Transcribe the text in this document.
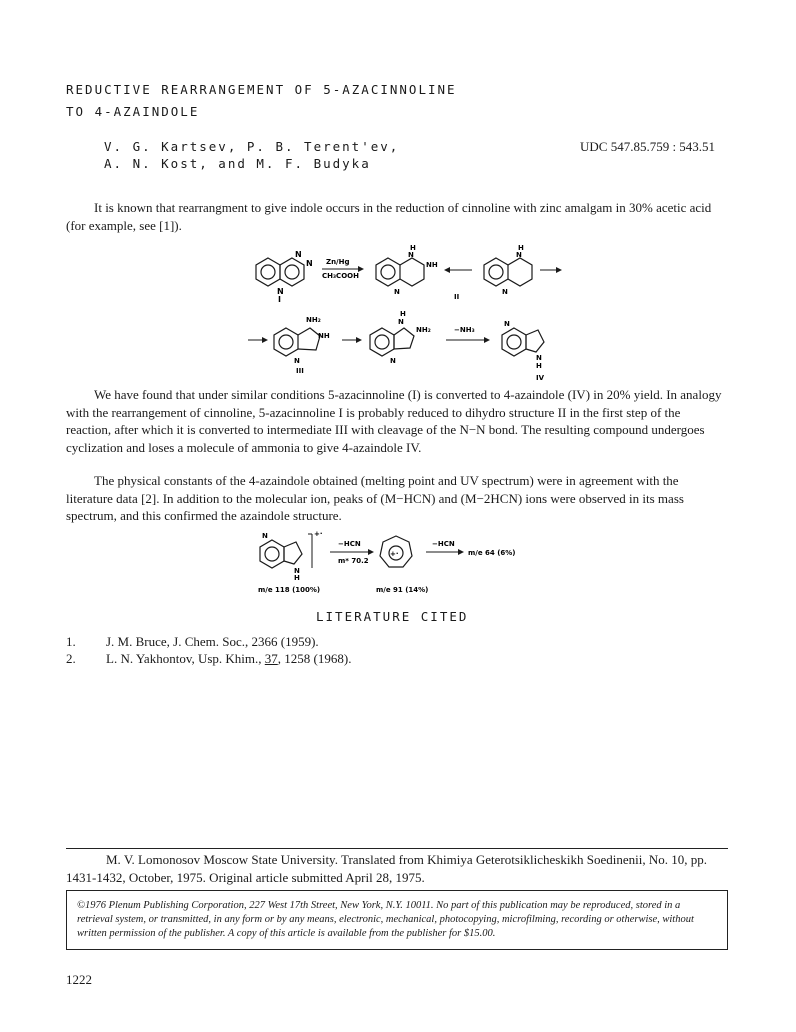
REDUCTIVE REARRANGEMENT OF 5-AZACINNOLINE
TO 4-AZAINDOLE
V. G. Kartsev, P. B. Terent'ev,
A. N. Kost, and M. F. Budyka
UDC 547.85.759 : 543.51

It is known that rearrangment to give indole occurs in the reduction of cinnoline with zinc amalgam in 30% acetic acid (for example, see [1]).

N
N
N
I
Zn/Hg
CH₃COOH
H
N
NH
N
II
H
N
N
NH₂
NH
N
III
H
N
NH₂
N
−NH₃
N
N
H
IV

We have found that under similar conditions 5-azacinnoline (I) is converted to 4-azaindole (IV) in 20% yield. In analogy with the rearrangement of cinnoline, 5-azacinnoline I is probably reduced to dihydro structure II in the first step of the reaction, after which it is converted to intermediate III with cleavage of the N−N bond. The resulting compound undergoes cyclization and loses a molecule of ammonia to give 4-azaindole IV.

The physical constants of the 4-azaindole obtained (melting point and UV spectrum) were in agreement with the literature data [2]. In addition to the molecular ion, peaks of (M−HCN) and (M−2HCN) ions were observed in its mass spectrum, and this confirmed the azaindole structure.

N
N
H
+·
−HCN
m* 70.2
+·
−HCN
m/e 64 (6%)
m/e 118 (100%)	m/e 91 (14%)
LITERATURE CITED
1. J. M. Bruce, J. Chem. Soc., 2366 (1959).
2. L. N. Yakhontov, Usp. Khim., 37, 1258 (1968).
M. V. Lomonosov Moscow State University. Translated from Khimiya Geterotsiklicheskikh Soedinenii, No. 10, pp. 1431-1432, October, 1975. Original article submitted April 28, 1975.
©1976 Plenum Publishing Corporation, 227 West 17th Street, New York, N.Y. 10011. No part of this publication may be reproduced, stored in a retrieval system, or transmitted, in any form or by any means, electronic, mechanical, photocopying, microfilming, recording or otherwise, without written permission of the publisher. A copy of this article is available from the publisher for $15.00.
1222
